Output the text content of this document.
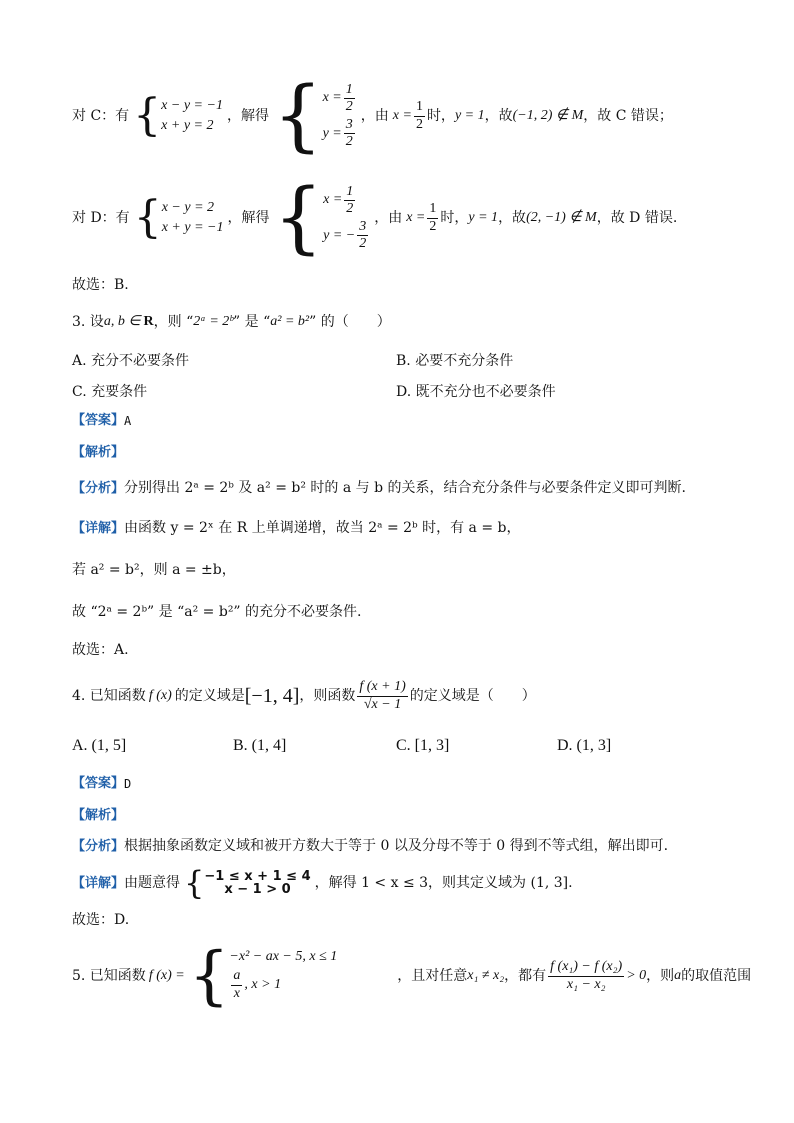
对 C：有 { x − y = −1
x + y = 2
，解得 { $x = \frac{1}{2}$
$y = \frac{3}{2}$
，由 $x = \frac{1}{2}$ 时， y = 1 ，故 (−1, 2) ∉ M ，故 C 错误；
对 D：有 { x − y = 2
x + y = −1
，解得 { $x = \frac{1}{2}$
y = − $\frac{3}{2}$
，由 $x = \frac{1}{2}$ 时， y = 1 ，故 (2, −1) ∉ M ，故 D 错误.
故选：B.
3. 设 a, b ∈ R ，则 “ 2ᵃ = 2ᵇ ” 是 “ a² = b² ” 的（　　）
A. 充分不必要条件	B. 必要不充分条件
C. 充要条件	D. 既不充分也不必要条件
【答案】 A
【解析】
【分析】 分别得出 2ᵃ = 2ᵇ 及 a² = b² 时的 a 与 b 的关系，结合充分条件与必要条件定义即可判断.
【详解】 由函数 y = 2ˣ 在 R 上单调递增，故当 2ᵃ = 2ᵇ 时，有 a = b，
若 a² = b²，则 a = ±b，
故 “2ᵃ = 2ᵇ” 是 “a² = b²” 的充分不必要条件.
故选：A.
4. 已知函数 f (x) 的定义域是 [−1, 4] ，则函数 $\frac{f (x + 1)}{√x - 1}$ 的定义域是（　　）
A. (1, 5]	B. (1, 4]	C. [1, 3]	D. (1, 3]
【答案】 D
【解析】
【分析】 根据抽象函数定义域和被开方数大于等于 0 以及分母不等于 0 得到不等式组，解出即可.
【详解】 由题意得 { −1 ≤ x + 1 ≤ 4
x − 1 > 0 ，解得 1 < x ≤ 3，则其定义域为 (1, 3].
故选：D.
5. 已知函数 f (x) = { −x² − ax − 5, x ≤ 1
$\frac{a}{x}$ , x > 1
，且对任意 x₁ ≠ x₂ ，都有 $\frac{\text{f (x₁) − f (x₂)}}{\text{x₁ − x₂}} > 0$ ，则 a 的取值范围
